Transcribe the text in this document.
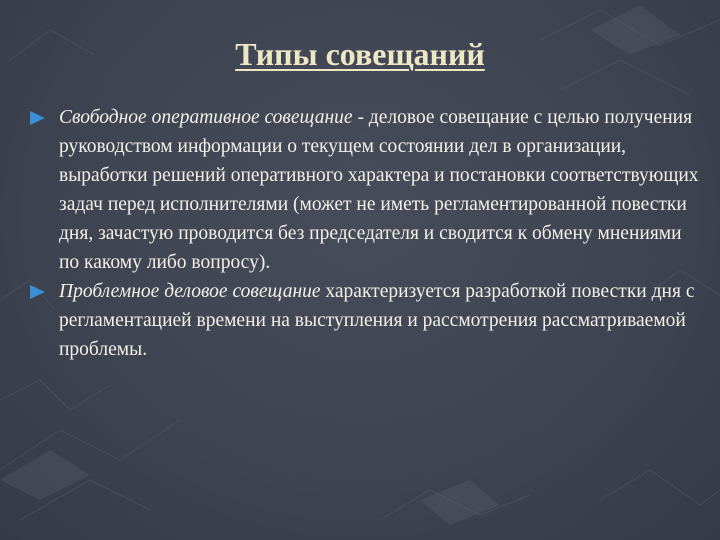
Типы совещаний
Свободное оперативное совещание - деловое совещание с целью получения руководством информации о текущем состоянии дел в организации, выработки решений оперативного характера и постановки соответствующих задач перед исполнителями (может не иметь регламентированной повестки дня, зачастую проводится без председателя и сводится к обмену мнениями по какому либо вопросу).
Проблемное деловое совещание характеризуется разработкой повестки дня с регламентацией времени на выступления и рассмотрения рассматриваемой проблемы.
